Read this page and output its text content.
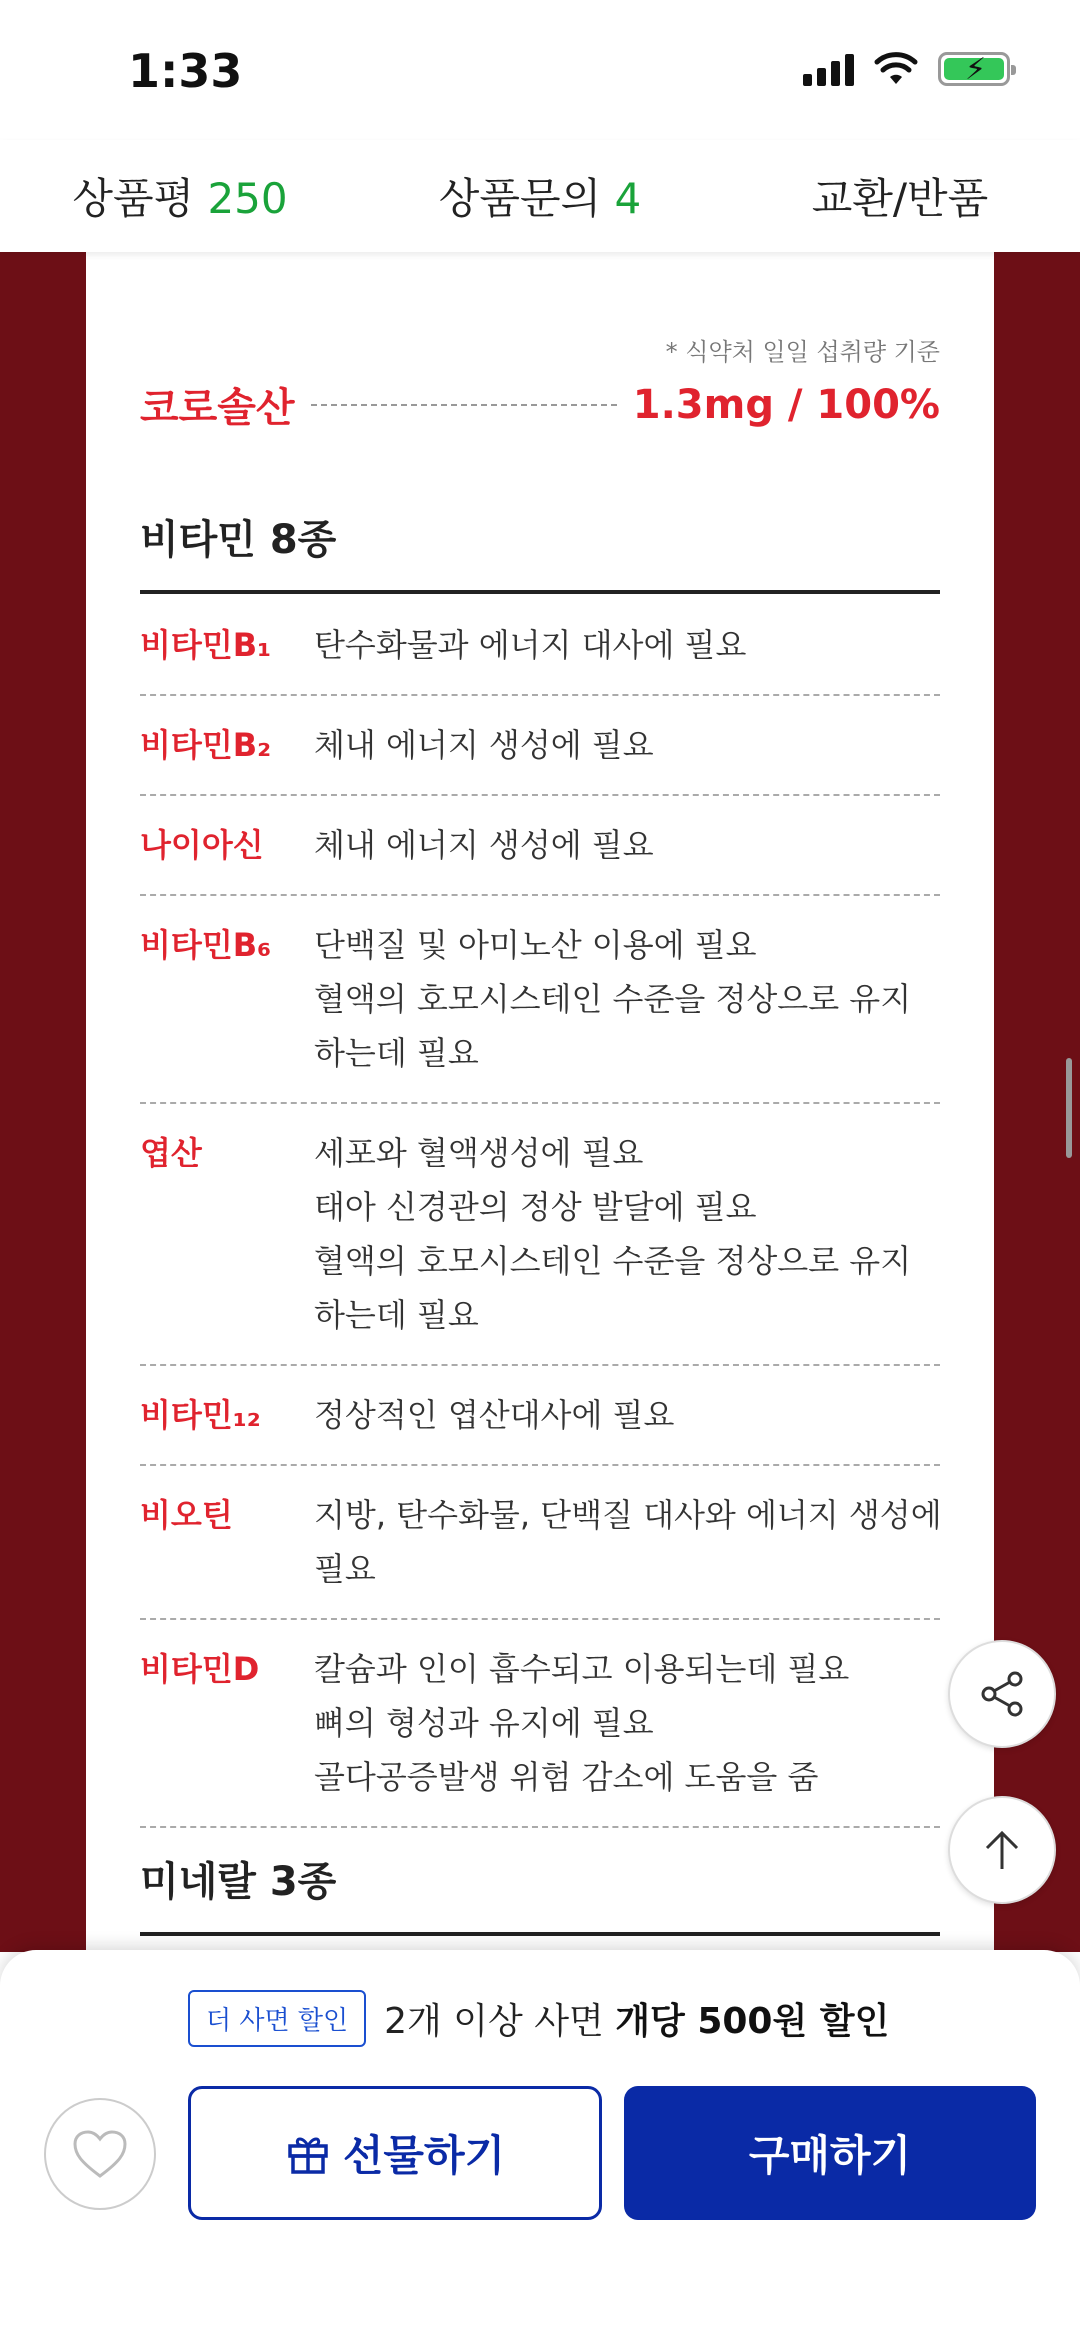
1:33	⚡
상품평 250	상품문의 4	교환/반품
* 식약처 일일 섭취량 기준
코로솔산	1.3mg / 100%
비타민 8종
비타민B₁	탄수화물과 에너지 대사에 필요
비타민B₂	체내 에너지 생성에 필요
나이아신	체내 에너지 생성에 필요
비타민B₆	단백질 및 아미노산 이용에 필요
혈액의 호모시스테인 수준을 정상으로 유지
하는데 필요
엽산	세포와 혈액생성에 필요
태아 신경관의 정상 발달에 필요
혈액의 호모시스테인 수준을 정상으로 유지
하는데 필요
비타민₁₂	정상적인 엽산대사에 필요
비오틴	지방, 탄수화물, 단백질 대사와 에너지 생성에
필요
비타민D	칼슘과 인이 흡수되고 이용되는데 필요
뼈의 형성과 유지에 필요
골다공증발생 위험 감소에 도움을 줌
미네랄 3종
더 사면 할인	2개 이상 사면 개당 500원 할인
선물하기	구매하기
